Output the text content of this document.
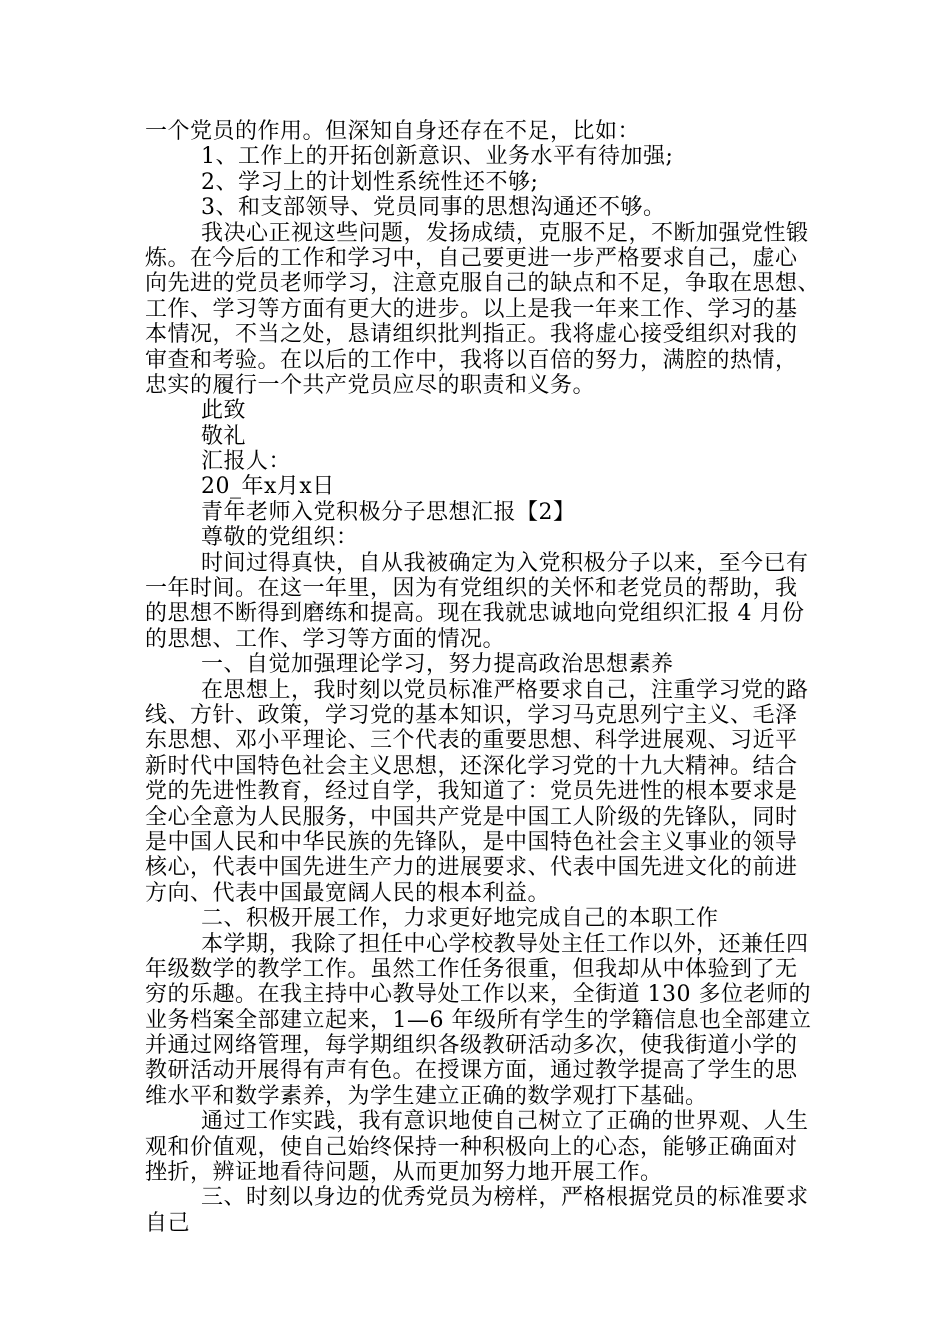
一个党员的作用。但深知自身还存在不足，比如：
1、工作上的开拓创新意识、业务水平有待加强;
2、学习上的计划性系统性还不够;
3、和支部领导、党员同事的思想沟通还不够。
我决心正视这些问题，发扬成绩，克服不足，不断加强党性锻
炼。在今后的工作和学习中，自己要更进一步严格要求自己，虚心
向先进的党员老师学习，注意克服自己的缺点和不足，争取在思想、
工作、学习等方面有更大的进步。以上是我一年来工作、学习的基
本情况，不当之处，恳请组织批判指正。我将虚心接受组织对我的
审查和考验。在以后的工作中，我将以百倍的努力，满腔的热情，
忠实的履行一个共产党员应尽的职责和义务。
此致
敬礼
汇报人：
20_年x月x日
青年老师入党积极分子思想汇报【2】
尊敬的党组织：
时间过得真快，自从我被确定为入党积极分子以来，至今已有
一年时间。在这一年里，因为有党组织的关怀和老党员的帮助，我
的思想不断得到磨练和提高。现在我就忠诚地向党组织汇报 4 月份
的思想、工作、学习等方面的情况。
一、自觉加强理论学习，努力提高政治思想素养
在思想上，我时刻以党员标准严格要求自己，注重学习党的路
线、方针、政策，学习党的基本知识，学习马克思列宁主义、毛泽
东思想、邓小平理论、三个代表的重要思想、科学进展观、习近平
新时代中国特色社会主义思想，还深化学习党的十九大精神。结合
党的先进性教育，经过自学，我知道了：党员先进性的根本要求是
全心全意为人民服务，中国共产党是中国工人阶级的先锋队，同时
是中国人民和中华民族的先锋队，是中国特色社会主义事业的领导
核心，代表中国先进生产力的进展要求、代表中国先进文化的前进
方向、代表中国最宽阔人民的根本利益。
二、积极开展工作，力求更好地完成自己的本职工作
本学期，我除了担任中心学校教导处主任工作以外，还兼任四
年级数学的教学工作。虽然工作任务很重，但我却从中体验到了无
穷的乐趣。在我主持中心教导处工作以来，全街道 130 多位老师的
业务档案全部建立起来，1—6 年级所有学生的学籍信息也全部建立
并通过网络管理，每学期组织各级教研活动多次，使我街道小学的
教研活动开展得有声有色。在授课方面，通过教学提高了学生的思
维水平和数学素养，为学生建立正确的数学观打下基础。
通过工作实践，我有意识地使自己树立了正确的世界观、人生
观和价值观，使自己始终保持一种积极向上的心态，能够正确面对
挫折，辨证地看待问题，从而更加努力地开展工作。
三、时刻以身边的优秀党员为榜样，严格根据党员的标准要求
自己
